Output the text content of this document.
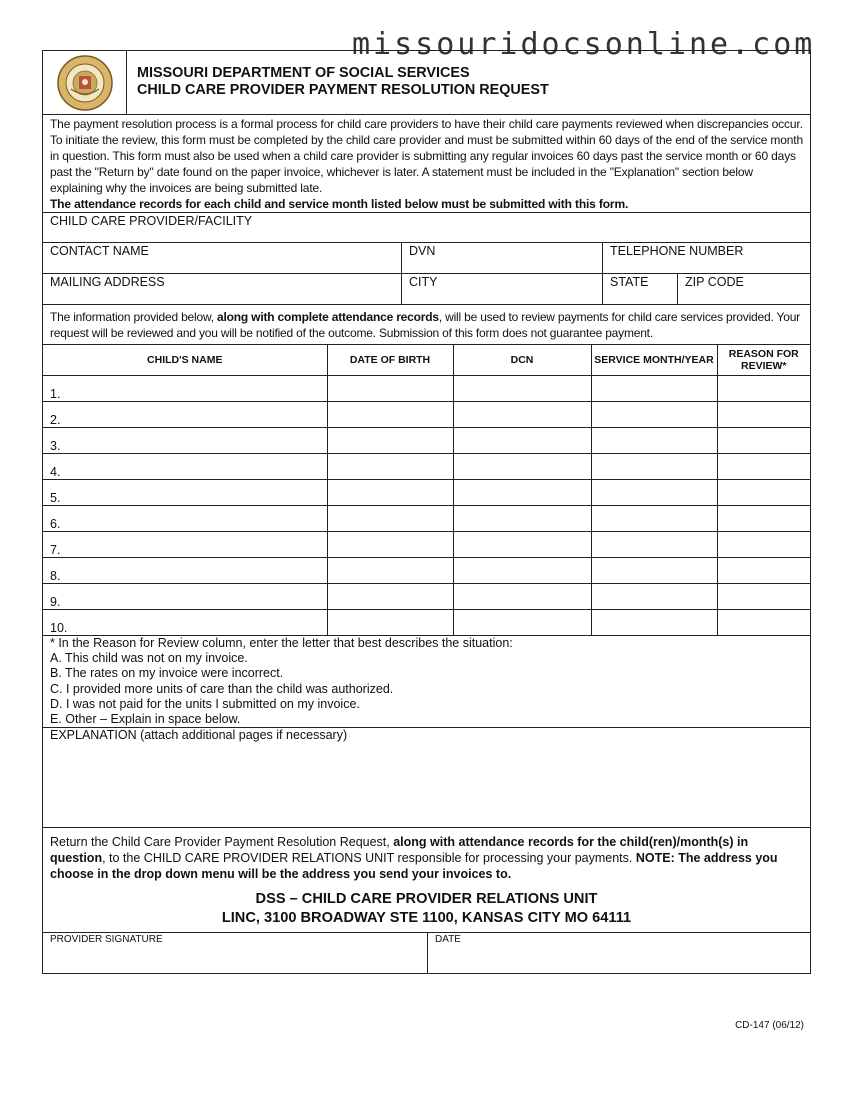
missouridocsonline.com
MISSOURI DEPARTMENT OF SOCIAL SERVICES
CHILD CARE PROVIDER PAYMENT RESOLUTION REQUEST
The payment resolution process is a formal process for child care providers to have their child care payments reviewed when discrepancies occur. To initiate the review, this form must be completed by the child care provider and must be submitted within 60 days of the end of the service month in question. This form must also be used when a child care provider is submitting any regular invoices 60 days past the service month or 60 days past the "Return by" date found on the paper invoice, whichever is later. A statement must be included in the "Explanation" section below explaining why the invoices are being submitted late.
The attendance records for each child and service month listed below must be submitted with this form.
CHILD CARE PROVIDER/FACILITY
CONTACT NAME	DVN	TELEPHONE NUMBER
MAILING ADDRESS	CITY	STATE	ZIP CODE
The information provided below, along with complete attendance records, will be used to review payments for child care services provided. Your request will be reviewed and you will be notified of the outcome. Submission of this form does not guarantee payment.
CHILD'S NAME	DATE OF BIRTH	DCN	SERVICE MONTH/YEAR	REASON FOR REVIEW*
1.				
2.				
3.				
4.				
5.				
6.				
7.				
8.				
9.				
10.				
* In the Reason for Review column, enter the letter that best describes the situation:
A. This child was not on my invoice.
B. The rates on my invoice were incorrect.
C. I provided more units of care than the child was authorized.
D. I was not paid for the units I submitted on my invoice.
E. Other – Explain in space below.
EXPLANATION (attach additional pages if necessary)
Return the Child Care Provider Payment Resolution Request, along with attendance records for the child(ren)/month(s) in question, to the CHILD CARE PROVIDER RELATIONS UNIT responsible for processing your payments. NOTE: The address you choose in the drop down menu will be the address you send your invoices to.
DSS – CHILD CARE PROVIDER RELATIONS UNIT
LINC, 3100 BROADWAY STE 1100, KANSAS CITY MO 64111
PROVIDER SIGNATURE	DATE
CD-147 (06/12)
